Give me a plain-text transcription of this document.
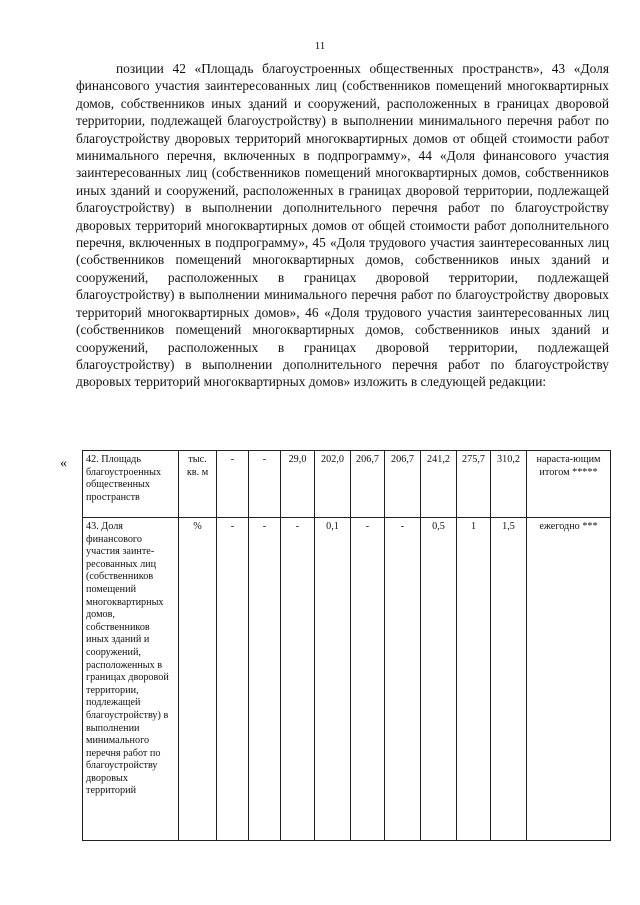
11

позиции 42 «Площадь благоустроенных общественных пространств», 43 «Доля финансового участия заинтересованных лиц (собственников помещений многоквартирных домов, собственников иных зданий и сооружений, расположенных в границах дворовой территории, подлежащей благоустройству) в выполнении минимального перечня работ по благоустройству дворовых территорий многоквартирных домов от общей стоимости работ минимального перечня, включенных в подпрограмму», 44 «Доля финансового участия заинтересованных лиц (собственников помещений многоквартирных домов, собственников иных зданий и сооружений, расположенных в границах дворовой территории, подлежащей благоустройству) в выполнении дополнительного перечня работ по благоустройству дворовых территорий многоквартирных домов от общей стоимости работ дополнительного перечня, включенных в подпрограмму», 45 «Доля трудового участия заинтересованных лиц (собственников помещений многоквартирных домов, собственников иных зданий и сооружений, расположенных в границах дворовой территории, подлежащей благоустройству) в выполнении минимального перечня работ по благоустройству дворовых территорий многоквартирных домов», 46 «Доля трудового участия заинтересованных лиц (собственников помещений многоквартирных домов, собственников иных зданий и сооружений, расположенных в границах дворовой территории, подлежащей благоустройству) в выполнении дополнительного перечня работ по благоустройству дворовых территорий многоквартирных домов» изложить в следующей редакции:

« 42. Площадь благоустроенных общественных пространств	тыс. кв. м	-	-	29,0	202,0	206,7	206,7	241,2	275,7	310,2	нараста-ющим итогом *****
43. Доля финансового участия заинте-ресованных лиц (собственников помещений многоквартирных домов, собственников иных зданий и сооружений, расположенных в границах дворовой территории, подлежащей благоустройству) в выполнении минимального перечня работ по благоустройству дворовых территорий	%	-	-	-	0,1	-	-	0,5	1	1,5	ежегодно ***
